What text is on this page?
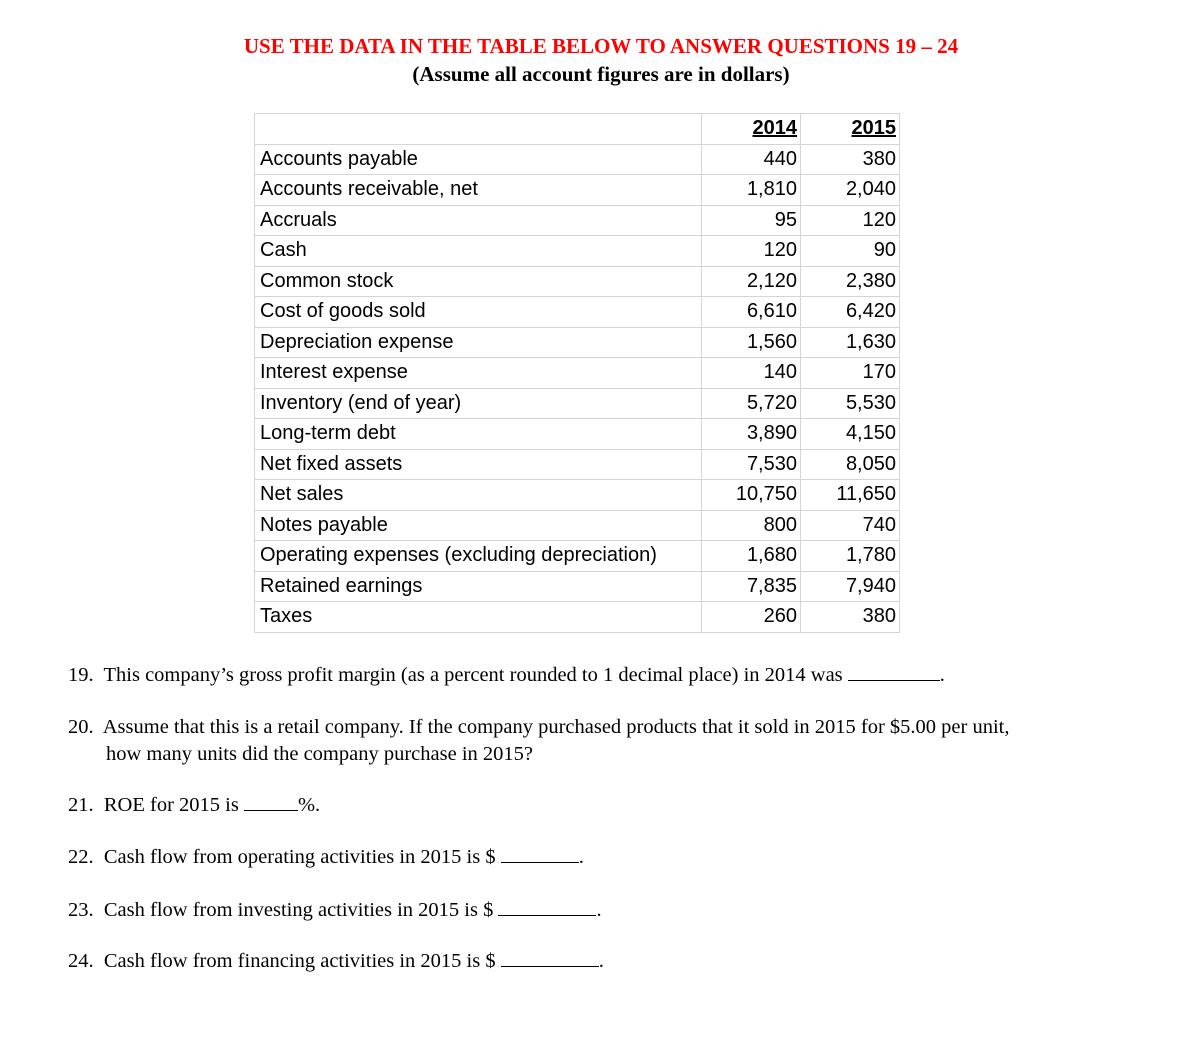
USE THE DATA IN THE TABLE BELOW TO ANSWER QUESTIONS 19 – 24
(Assume all account figures are in dollars)
	2014	2015
Accounts payable	440	380
Accounts receivable, net	1,810	2,040
Accruals	95	120
Cash	120	90
Common stock	2,120	2,380
Cost of goods sold	6,610	6,420
Depreciation expense	1,560	1,630
Interest expense	140	170
Inventory (end of year)	5,720	5,530
Long-term debt	3,890	4,150
Net fixed assets	7,530	8,050
Net sales	10,750	11,650
Notes payable	800	740
Operating expenses (excluding depreciation)	1,680	1,780
Retained earnings	7,835	7,940
Taxes	260	380
19. This company’s gross profit margin (as a percent rounded to 1 decimal place) in 2014 was	.
20. Assume that this is a retail company. If the company purchased products that it sold in 2015 for $5.00 per unit,
how many units did the company purchase in 2015?
21. ROE for 2015 is	%.
22. Cash flow from operating activities in 2015 is $	.
23. Cash flow from investing activities in 2015 is $	.
24. Cash flow from financing activities in 2015 is $	.
